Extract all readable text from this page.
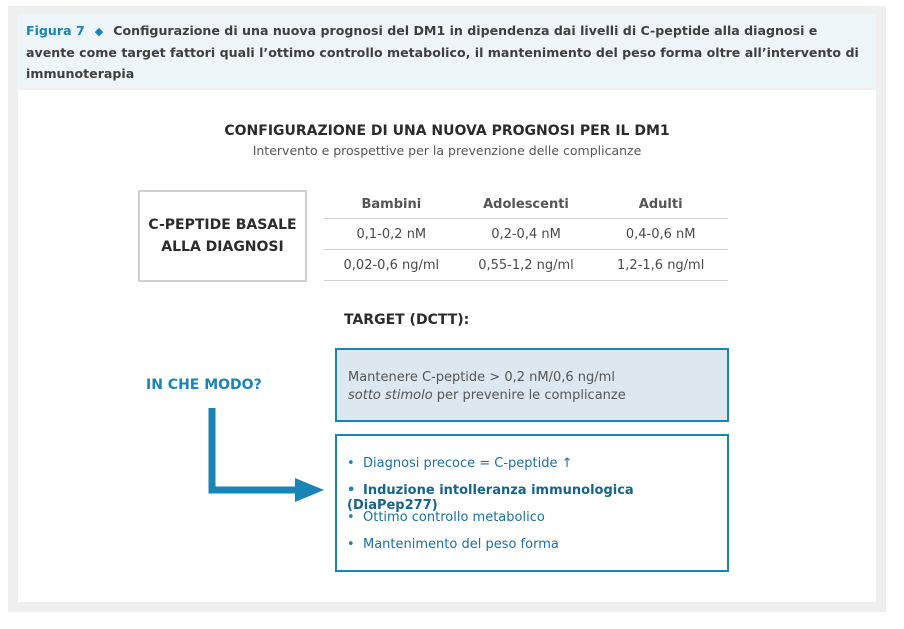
Figura 7 ◆ Configurazione di una nuova prognosi del DM1 in dipendenza dai livelli di C-peptide alla diagnosi e avente come target fattori quali l’ottimo controllo metabolico, il mantenimento del peso forma oltre all’intervento di immunoterapia
CONFIGURAZIONE DI UNA NUOVA PROGNOSI PER IL DM1
Intervento e prospettive per la prevenzione delle complicanze
C-PEPTIDE BASALE
ALLA DIAGNOSI
Bambini	Adolescenti	Adulti
0,1-0,2 nM	0,2-0,4 nM	0,4-0,6 nM
0,02-0,6 ng/ml	0,55-1,2 ng/ml	1,2-1,6 ng/ml
TARGET (DCTT):
Mantenere C-peptide > 0,2 nM/0,6 ng/ml
sotto stimolo per prevenire le complicanze
IN CHE MODO?
• Diagnosi precoce = C-peptide ↑
• Induzione intolleranza immunologica (DiaPep277)
• Ottimo controllo metabolico
• Mantenimento del peso forma
